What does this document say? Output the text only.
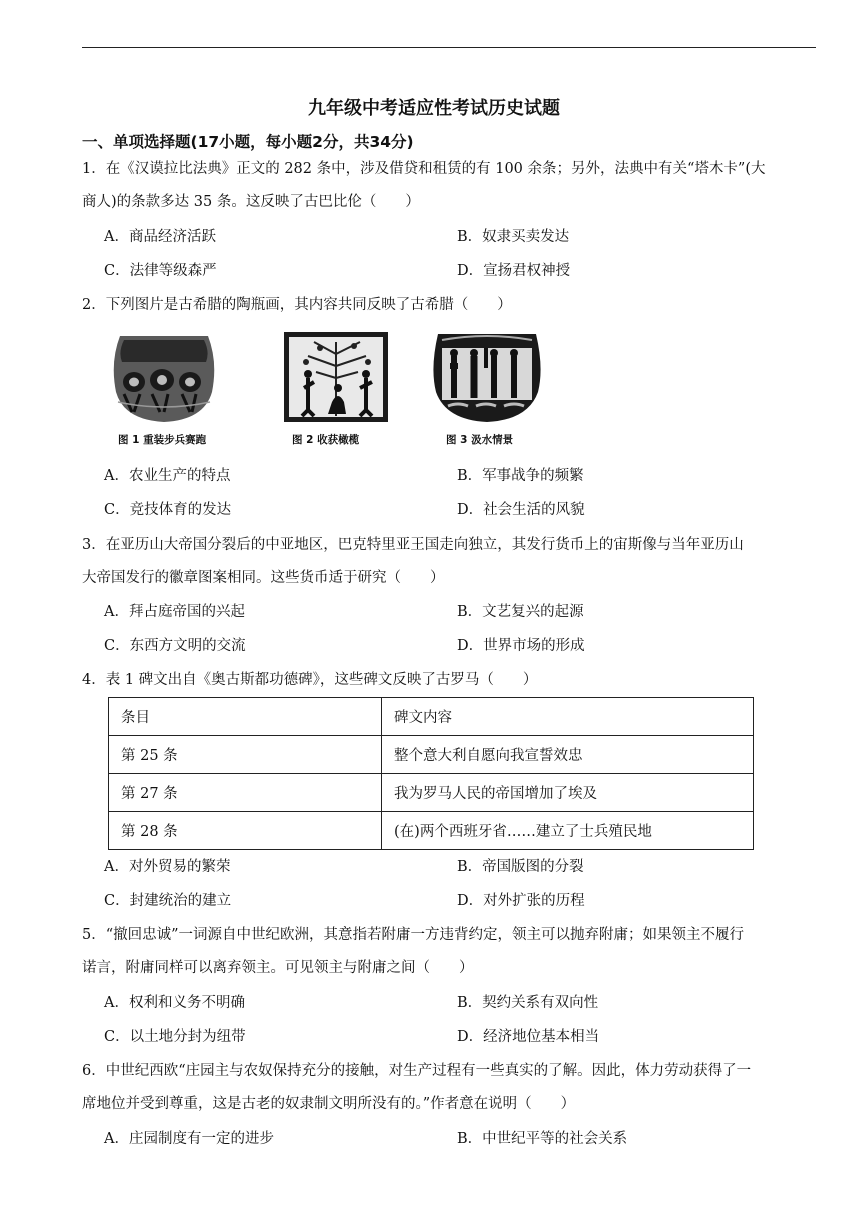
九年级中考适应性考试历史试题
一、单项选择题(17小题，每小题2分，共34分)
1．在《汉谟拉比法典》正文的 282 条中，涉及借贷和租赁的有 100 余条；另外，法典中有关“塔木卡”(大
商人)的条款多达 35 条。这反映了古巴比伦（　　）
A．商品经济活跃	B．奴隶买卖发达
C．法律等级森严	D．宣扬君权神授
2．下列图片是古希腊的陶瓶画，其内容共同反映了古希腊（　　）
图 1 重装步兵赛跑	图 2 收获橄榄	图 3 汲水情景
A．农业生产的特点	B．军事战争的频繁
C．竞技体育的发达	D．社会生活的风貌
3．在亚历山大帝国分裂后的中亚地区，巴克特里亚王国走向独立，其发行货币上的宙斯像与当年亚历山
大帝国发行的徽章图案相同。这些货币适于研究（　　）
A．拜占庭帝国的兴起	B．文艺复兴的起源
C．东西方文明的交流	D．世界市场的形成
4．表 1 碑文出自《奥古斯都功德碑》，这些碑文反映了古罗马（　　）
条目	碑文内容
第 25 条	整个意大利自愿向我宣誓效忠
第 27 条	我为罗马人民的帝国增加了埃及
第 28 条	(在)两个西班牙省……建立了士兵殖民地
A．对外贸易的繁荣	B．帝国版图的分裂
C．封建统治的建立	D．对外扩张的历程
5．“撤回忠诚”一词源自中世纪欧洲，其意指若附庸一方违背约定，领主可以抛弃附庸；如果领主不履行
诺言，附庸同样可以离弃领主。可见领主与附庸之间（　　）
A．权利和义务不明确	B．契约关系有双向性
C．以土地分封为纽带	D．经济地位基本相当
6．中世纪西欧“庄园主与农奴保持充分的接触，对生产过程有一些真实的了解。因此，体力劳动获得了一
席地位并受到尊重，这是古老的奴隶制文明所没有的。”作者意在说明（　　）
A．庄园制度有一定的进步	B．中世纪平等的社会关系
